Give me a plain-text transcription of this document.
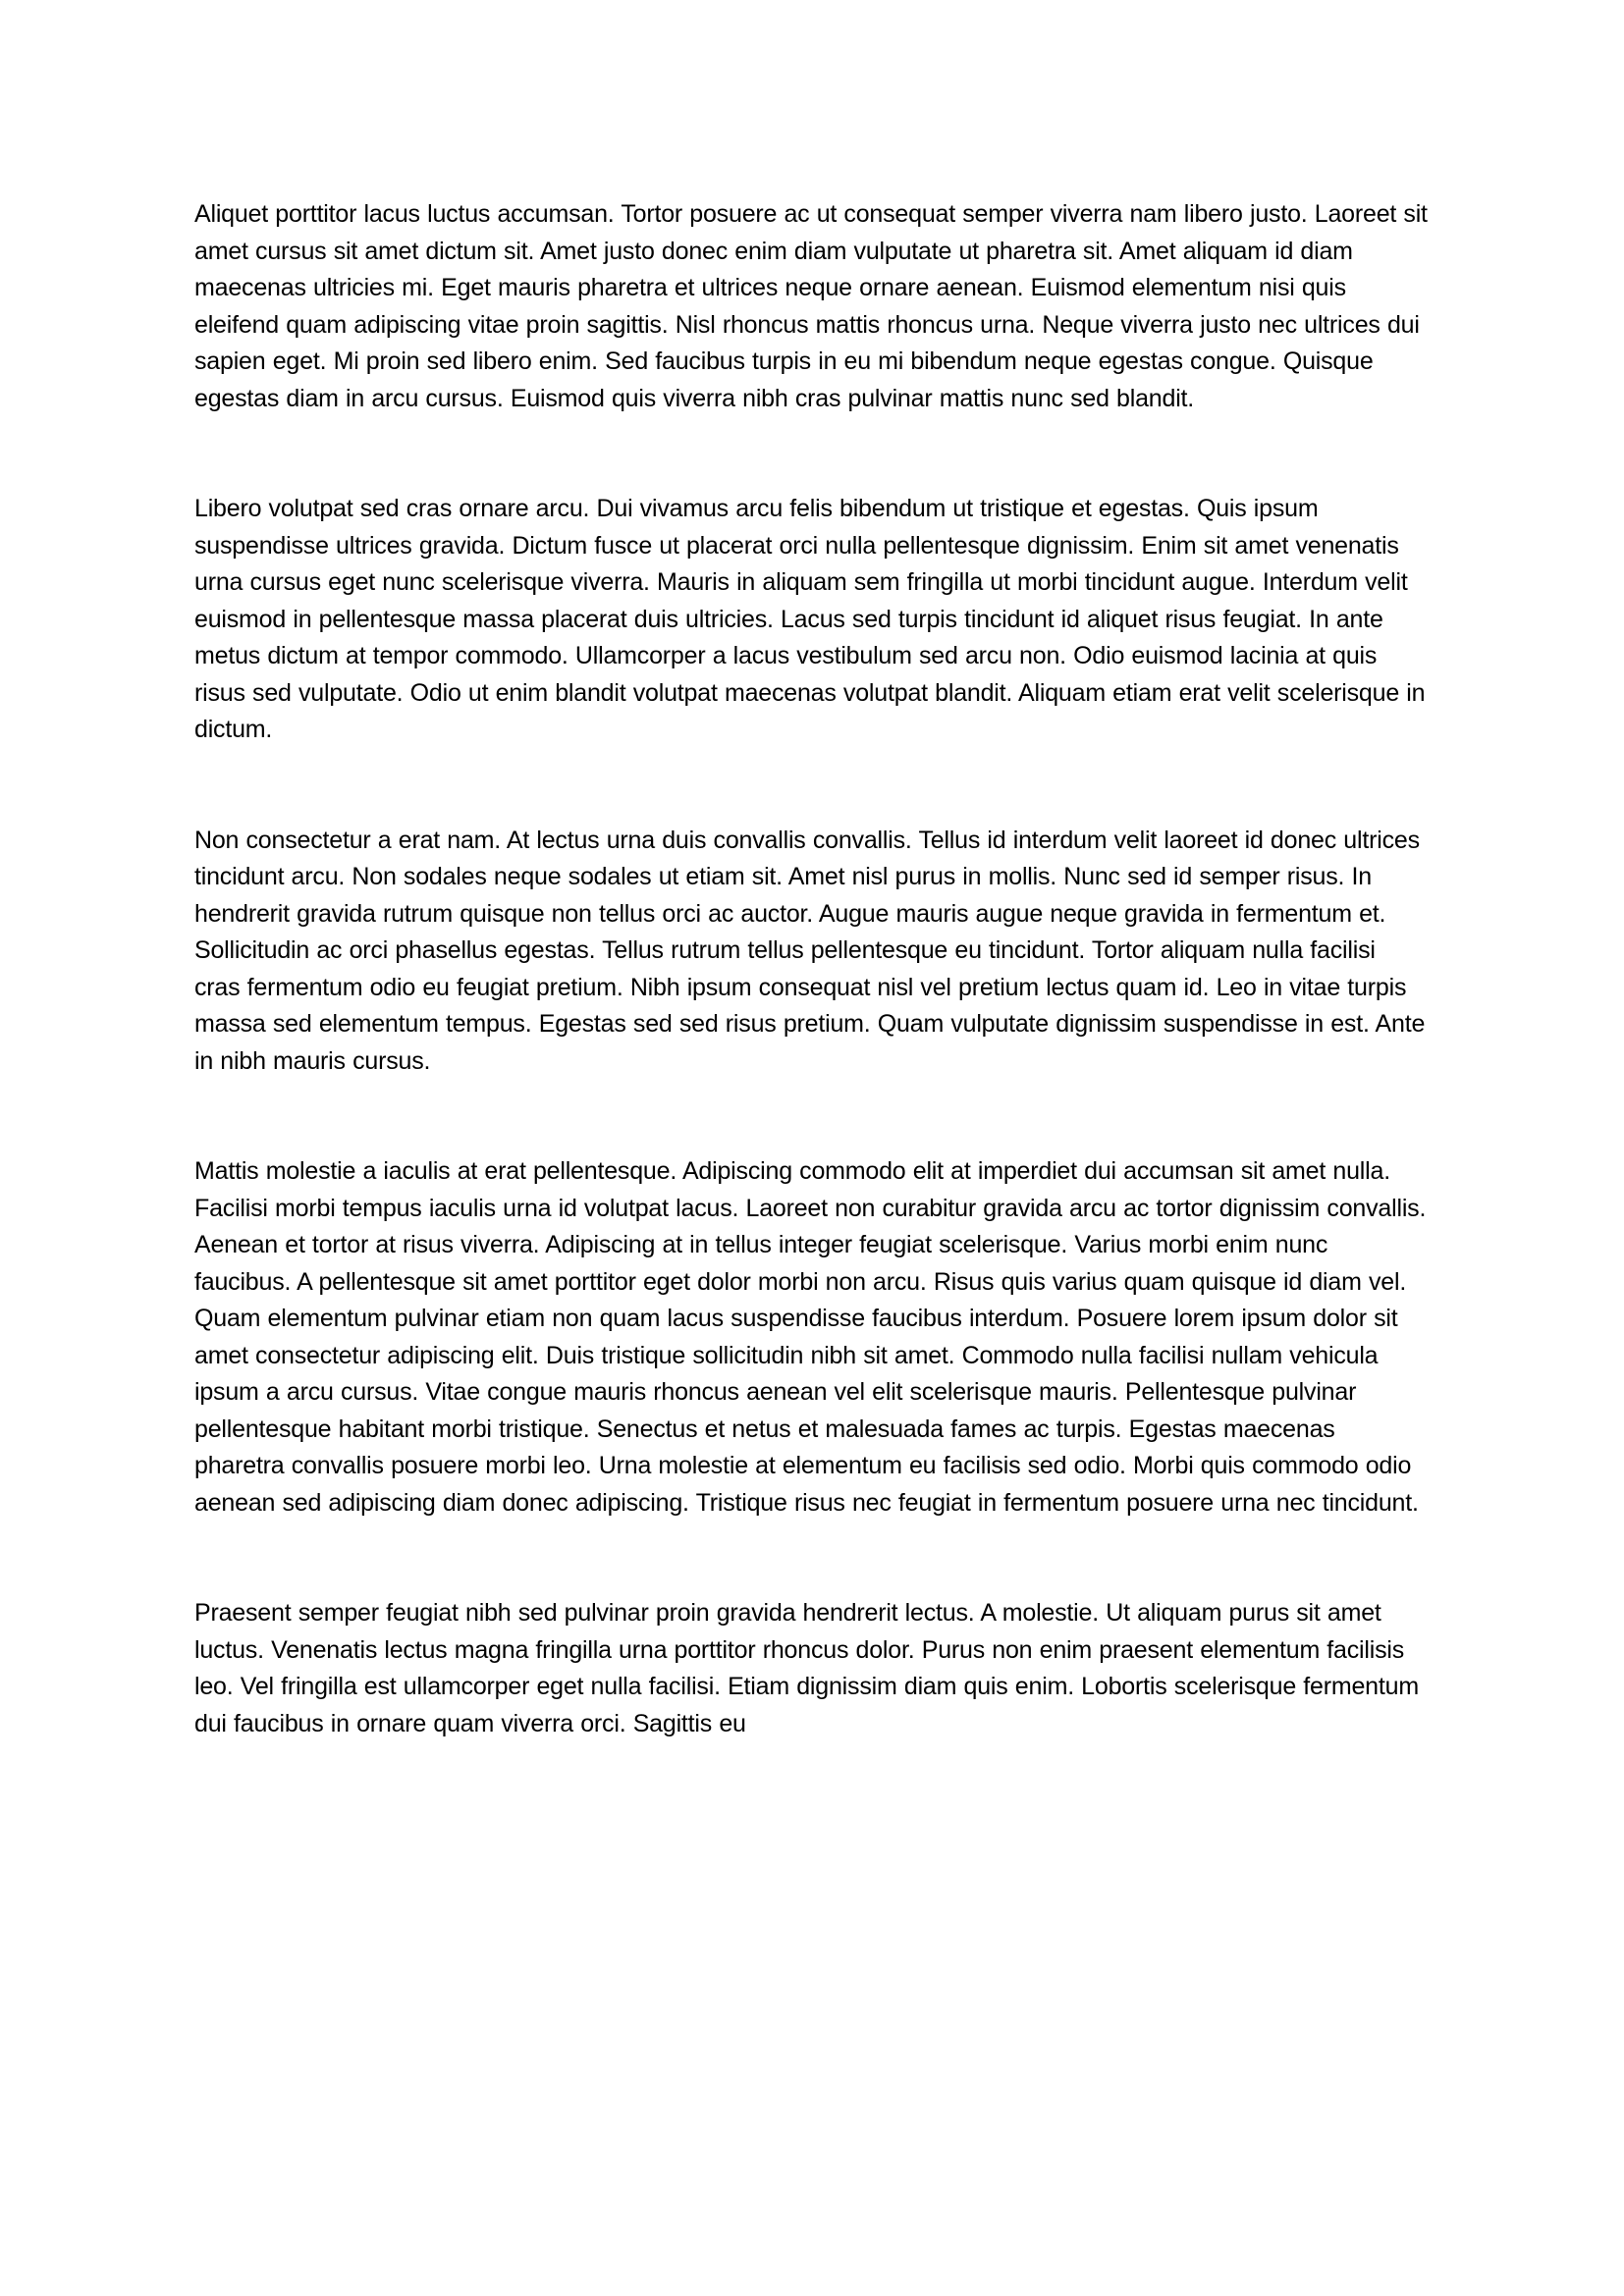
Aliquet porttitor lacus luctus accumsan. Tortor posuere ac ut consequat semper viverra nam libero justo. Laoreet sit amet cursus sit amet dictum sit. Amet justo donec enim diam vulputate ut pharetra sit. Amet aliquam id diam maecenas ultricies mi. Eget mauris pharetra et ultrices neque ornare aenean. Euismod elementum nisi quis eleifend quam adipiscing vitae proin sagittis. Nisl rhoncus mattis rhoncus urna. Neque viverra justo nec ultrices dui sapien eget. Mi proin sed libero enim. Sed faucibus turpis in eu mi bibendum neque egestas congue. Quisque egestas diam in arcu cursus. Euismod quis viverra nibh cras pulvinar mattis nunc sed blandit.

Libero volutpat sed cras ornare arcu. Dui vivamus arcu felis bibendum ut tristique et egestas. Quis ipsum suspendisse ultrices gravida. Dictum fusce ut placerat orci nulla pellentesque dignissim. Enim sit amet venenatis urna cursus eget nunc scelerisque viverra. Mauris in aliquam sem fringilla ut morbi tincidunt augue. Interdum velit euismod in pellentesque massa placerat duis ultricies. Lacus sed turpis tincidunt id aliquet risus feugiat. In ante metus dictum at tempor commodo. Ullamcorper a lacus vestibulum sed arcu non. Odio euismod lacinia at quis risus sed vulputate. Odio ut enim blandit volutpat maecenas volutpat blandit. Aliquam etiam erat velit scelerisque in dictum.

Non consectetur a erat nam. At lectus urna duis convallis convallis. Tellus id interdum velit laoreet id donec ultrices tincidunt arcu. Non sodales neque sodales ut etiam sit. Amet nisl purus in mollis. Nunc sed id semper risus. In hendrerit gravida rutrum quisque non tellus orci ac auctor. Augue mauris augue neque gravida in fermentum et. Sollicitudin ac orci phasellus egestas. Tellus rutrum tellus pellentesque eu tincidunt. Tortor aliquam nulla facilisi cras fermentum odio eu feugiat pretium. Nibh ipsum consequat nisl vel pretium lectus quam id. Leo in vitae turpis massa sed elementum tempus. Egestas sed sed risus pretium. Quam vulputate dignissim suspendisse in est. Ante in nibh mauris cursus.

Mattis molestie a iaculis at erat pellentesque. Adipiscing commodo elit at imperdiet dui accumsan sit amet nulla. Facilisi morbi tempus iaculis urna id volutpat lacus. Laoreet non curabitur gravida arcu ac tortor dignissim convallis. Aenean et tortor at risus viverra. Adipiscing at in tellus integer feugiat scelerisque. Varius morbi enim nunc faucibus. A pellentesque sit amet porttitor eget dolor morbi non arcu. Risus quis varius quam quisque id diam vel. Quam elementum pulvinar etiam non quam lacus suspendisse faucibus interdum. Posuere lorem ipsum dolor sit amet consectetur adipiscing elit. Duis tristique sollicitudin nibh sit amet. Commodo nulla facilisi nullam vehicula ipsum a arcu cursus. Vitae congue mauris rhoncus aenean vel elit scelerisque mauris. Pellentesque pulvinar pellentesque habitant morbi tristique. Senectus et netus et malesuada fames ac turpis. Egestas maecenas pharetra convallis posuere morbi leo. Urna molestie at elementum eu facilisis sed odio. Morbi quis commodo odio aenean sed adipiscing diam donec adipiscing. Tristique risus nec feugiat in fermentum posuere urna nec tincidunt.

Praesent semper feugiat nibh sed pulvinar proin gravida hendrerit lectus. A molestie. Ut aliquam purus sit amet luctus. Venenatis lectus magna fringilla urna porttitor rhoncus dolor. Purus non enim praesent elementum facilisis leo. Vel fringilla est ullamcorper eget nulla facilisi. Etiam dignissim diam quis enim. Lobortis scelerisque fermentum dui faucibus in ornare quam viverra orci. Sagittis eu
